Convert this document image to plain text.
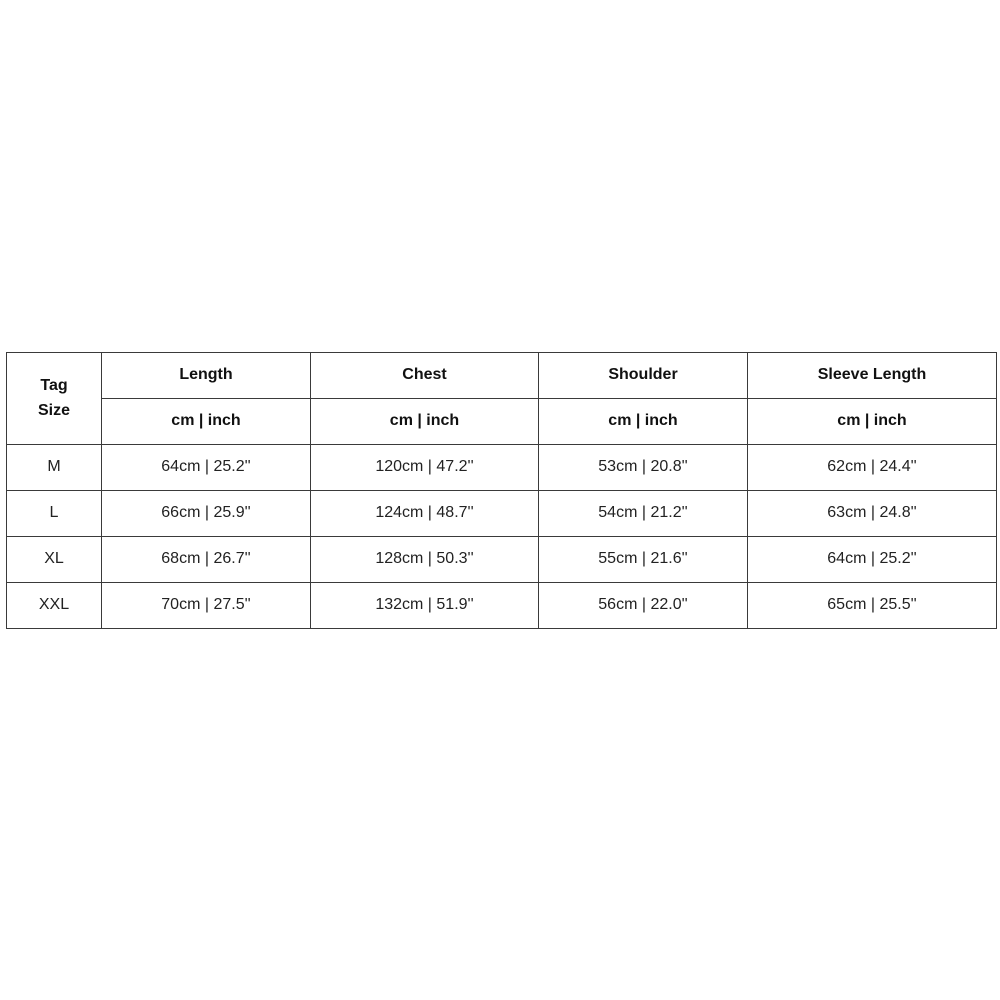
Tag
Size	Length	Chest	Shoulder	Sleeve Length
	cm | inch	cm | inch	cm | inch	cm | inch
M	64cm | 25.2''	120cm | 47.2''	53cm | 20.8''	62cm | 24.4''
L	66cm | 25.9''	124cm | 48.7''	54cm | 21.2''	63cm | 24.8''
XL	68cm | 26.7''	128cm | 50.3''	55cm | 21.6''	64cm | 25.2''
XXL	70cm | 27.5''	132cm | 51.9''	56cm | 22.0''	65cm | 25.5''
